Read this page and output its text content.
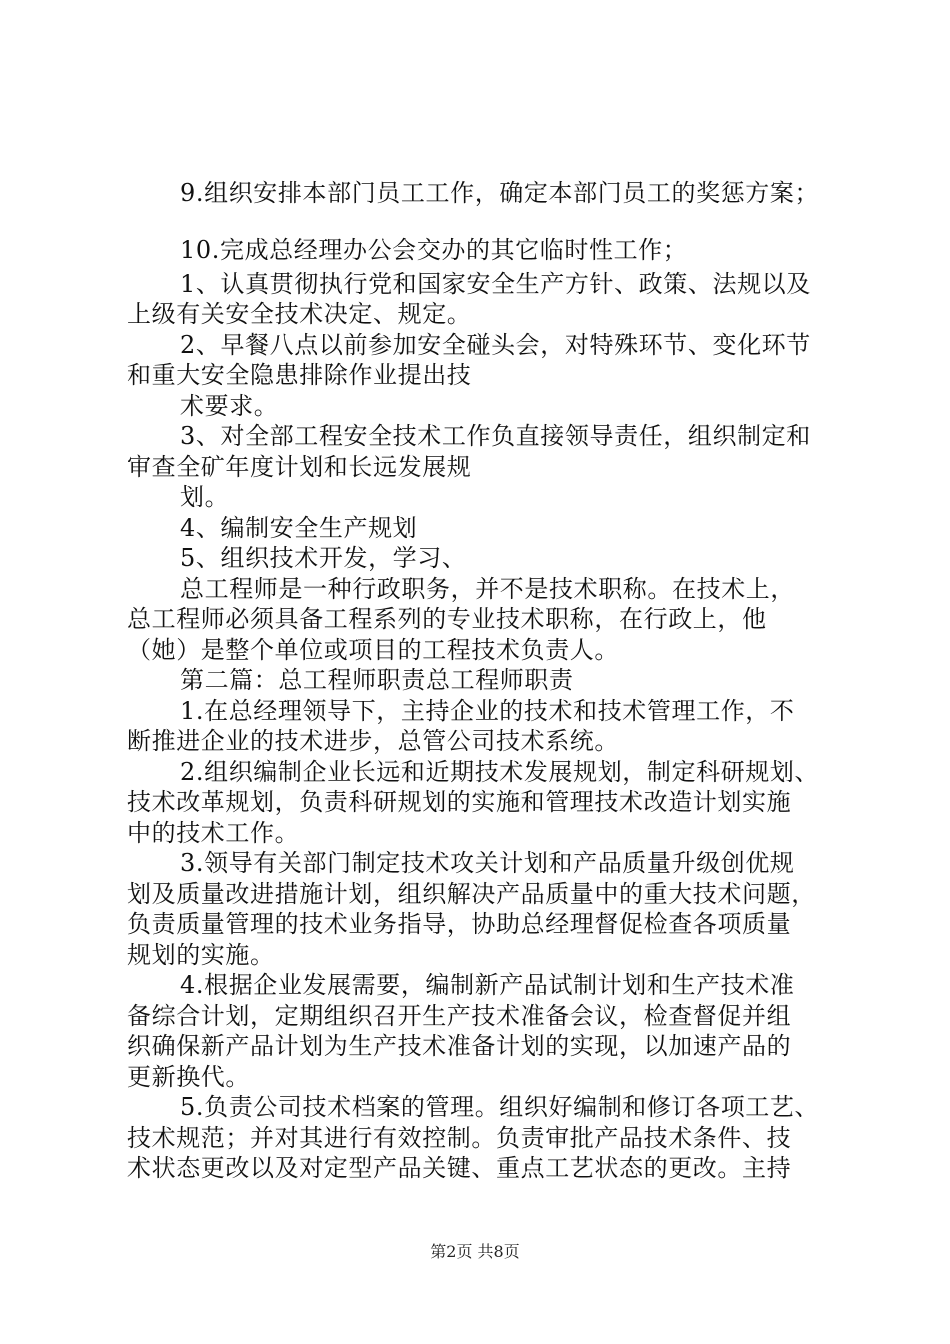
9.组织安排本部门员工工作，确定本部门员工的奖惩方案；

10.完成总经理办公会交办的其它临时性工作；

1、认真贯彻执行党和国家安全生产方针、政策、法规以及

上级有关安全技术决定、规定。

2、早餐八点以前参加安全碰头会，对特殊环节、变化环节

和重大安全隐患排除作业提出技

术要求。

3、对全部工程安全技术工作负直接领导责任，组织制定和

审查全矿年度计划和长远发展规

划。

4、编制安全生产规划

5、组织技术开发，学习、

总工程师是一种行政职务，并不是技术职称。在技术上，

总工程师必须具备工程系列的专业技术职称，在行政上，他

（她）是整个单位或项目的工程技术负责人。

第二篇：总工程师职责总工程师职责

1.在总经理领导下，主持企业的技术和技术管理工作，不

断推进企业的技术进步，总管公司技术系统。

2.组织编制企业长远和近期技术发展规划，制定科研规划、

技术改革规划，负责科研规划的实施和管理技术改造计划实施

中的技术工作。

3.领导有关部门制定技术攻关计划和产品质量升级创优规

划及质量改进措施计划，组织解决产品质量中的重大技术问题，

负责质量管理的技术业务指导，协助总经理督促检查各项质量

规划的实施。

4.根据企业发展需要，编制新产品试制计划和生产技术准

备综合计划，定期组织召开生产技术准备会议，检查督促并组

织确保新产品计划为生产技术准备计划的实现，以加速产品的

更新换代。

5.负责公司技术档案的管理。组织好编制和修订各项工艺、

技术规范；并对其进行有效控制。负责审批产品技术条件、技

术状态更改以及对定型产品关键、重点工艺状态的更改。主持

第2页 共8页
